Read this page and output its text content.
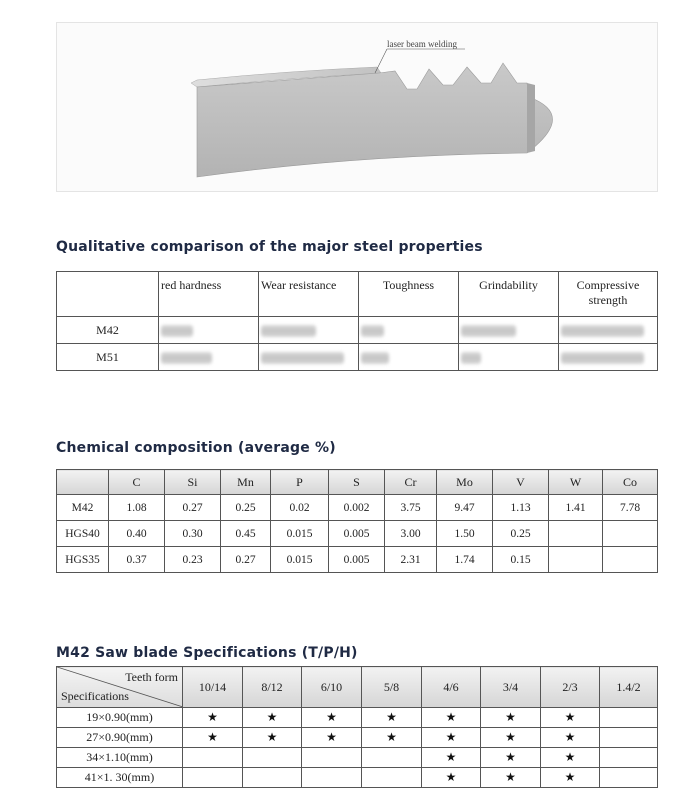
laser beam welding
Qualitative comparison of the major steel properties
	red hardness	Wear resistance	Toughness	Grindability	Compressive strength
M42					
M51					
Chemical composition (average %)
	C	Si	Mn	P	S	Cr	Mo	V	W	Co
M42	1.08	0.27	0.25	0.02	0.002	3.75	9.47	1.13	1.41	7.78
HGS40	0.40	0.30	0.45	0.015	0.005	3.00	1.50	0.25		
HGS35	0.37	0.23	0.27	0.015	0.005	2.31	1.74	0.15		
M42 Saw blade Specifications (T/P/H)
Teeth form
Specifications	10/14	8/12	6/10	5/8	4/6	3/4	2/3	1.4/2
19×0.90(mm)	★	★	★	★	★	★	★	
27×0.90(mm)	★	★	★	★	★	★	★	
34×1.10(mm)					★	★	★	
41×1. 30(mm)					★	★	★	
